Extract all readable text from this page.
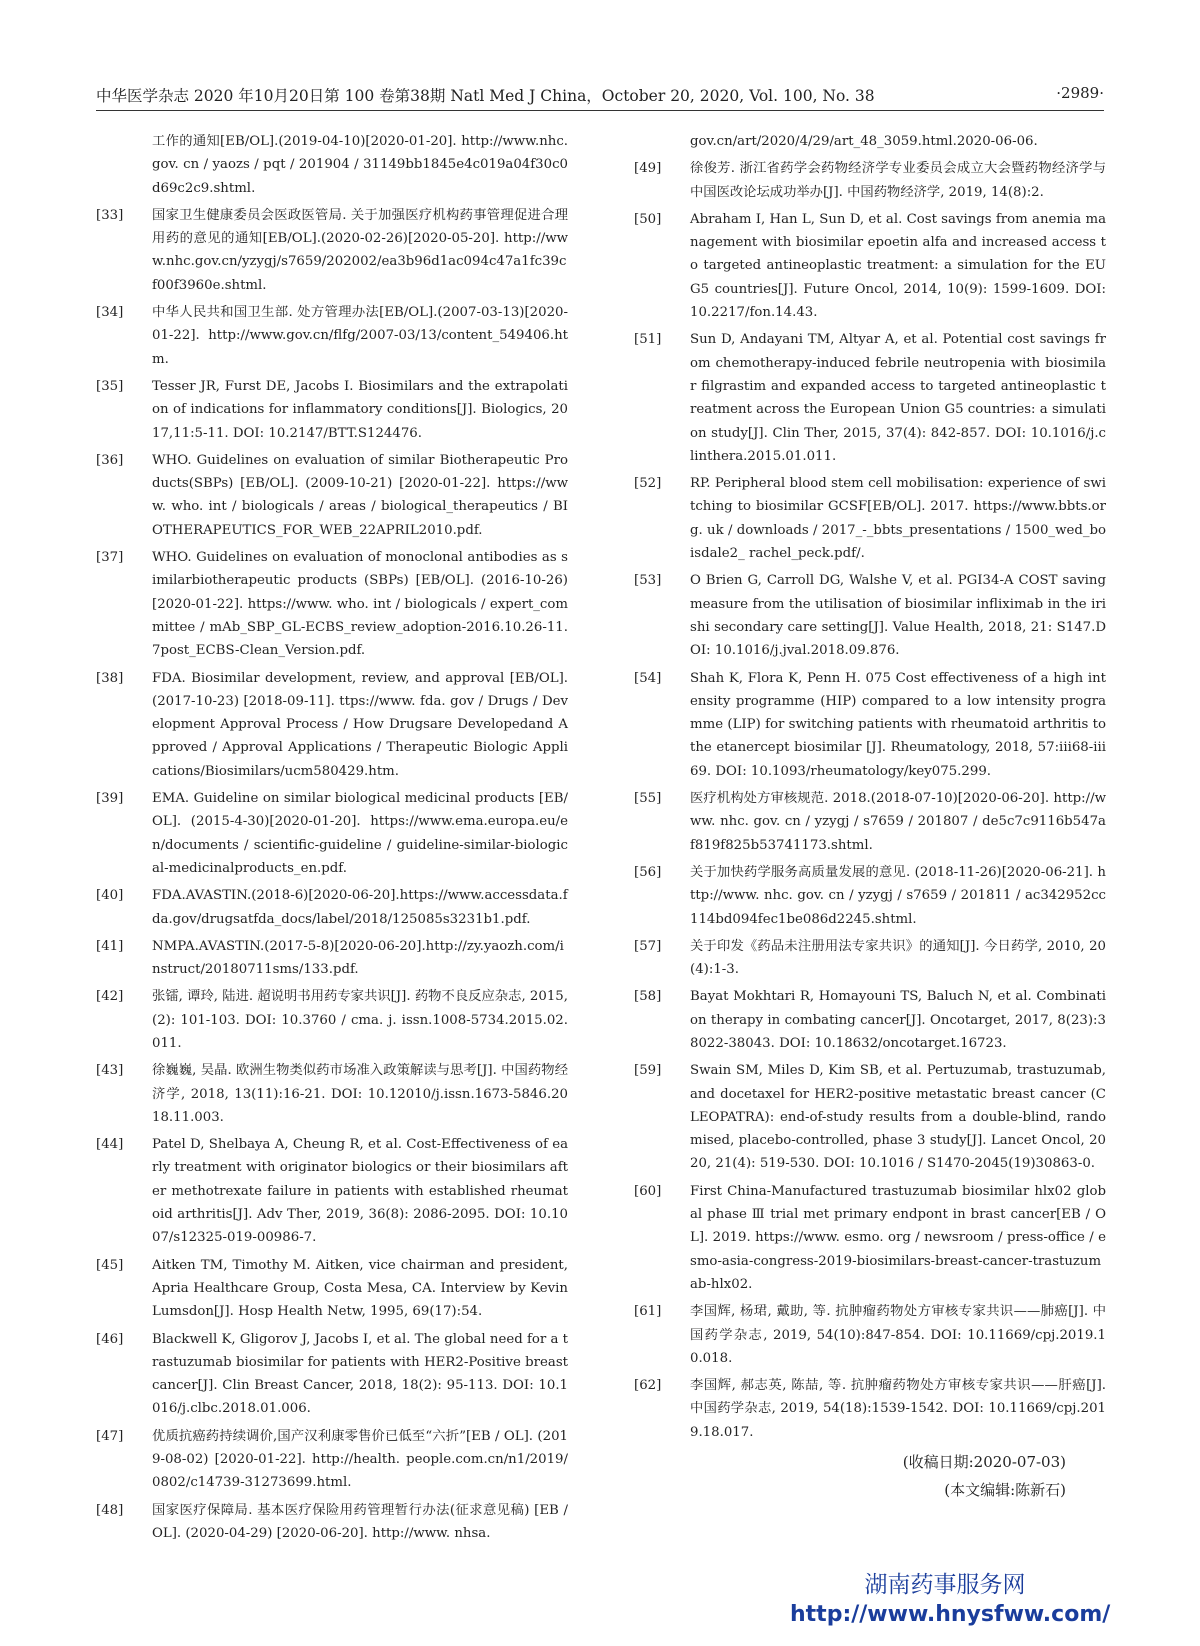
中华医学杂志 2020 年10月20日第 100 卷第38期 Natl Med J China，October 20, 2020, Vol. 100, No. 38	·2989·
工作的通知[EB/OL].(2019-04-10)[2020-01-20]. http://www.nhc. gov. cn / yaozs / pqt / 201904 / 31149bb1845e4c019a04f30c0d69c2c9.shtml.
[33] 国家卫生健康委员会医政医管局. 关于加强医疗机构药事管理促进合理用药的意见的通知[EB/OL].(2020-02-26)[2020-05-20]. http://www.nhc.gov.cn/yzygj/s7659/202002/ea3b96d1ac094c47a1fc39cf00f3960e.shtml.
[34] 中华人民共和国卫生部. 处方管理办法[EB/OL].(2007-03-13)[2020-01-22]. http://www.gov.cn/flfg/2007-03/13/content_549406.htm.
[35] Tesser JR, Furst DE, Jacobs I. Biosimilars and the extrapolation of indications for inflammatory conditions[J]. Biologics, 2017,11:5-11. DOI: 10.2147/BTT.S124476.
[36] WHO. Guidelines on evaluation of similar Biotherapeutic Products(SBPs) [EB/OL]. (2009-10-21) [2020-01-22]. https://www. who. int / biologicals / areas / biological_therapeutics / BIOTHERAPEUTICS_FOR_WEB_22APRIL2010.pdf.
[37] WHO. Guidelines on evaluation of monoclonal antibodies as similarbiotherapeutic products (SBPs) [EB/OL]. (2016-10-26)[2020-01-22]. https://www. who. int / biologicals / expert_committee / mAb_SBP_GL-ECBS_review_adoption-2016.10.26-11.7post_ECBS-Clean_Version.pdf.
[38] FDA. Biosimilar development, review, and approval [EB/OL].(2017-10-23) [2018-09-11]. ttps://www. fda. gov / Drugs / Development Approval Process / How Drugsare Developedand Approved / Approval Applications / Therapeutic Biologic Applications/Biosimilars/ucm580429.htm.
[39] EMA. Guideline on similar biological medicinal products [EB/OL]. (2015-4-30)[2020-01-20]. https://www.ema.europa.eu/en/documents / scientific-guideline / guideline-similar-biological-medicinalproducts_en.pdf.
[40] FDA.AVASTIN.(2018-6)[2020-06-20].https://www.accessdata.fda.gov/drugsatfda_docs/label/2018/125085s3231b1.pdf.
[41] NMPA.AVASTIN.(2017-5-8)[2020-06-20].http://zy.yaozh.com/instruct/20180711sms/133.pdf.
[42] 张镭, 谭玲, 陆进. 超说明书用药专家共识[J]. 药物不良反应杂志, 2015, (2): 101-103. DOI: 10.3760 / cma. j. issn.1008-5734.2015.02.011.
[43] 徐巍巍, 吴晶. 欧洲生物类似药市场准入政策解读与思考[J]. 中国药物经济学, 2018, 13(11):16-21. DOI: 10.12010/j.issn.1673-5846.2018.11.003.
[44] Patel D, Shelbaya A, Cheung R, et al. Cost-Effectiveness of early treatment with originator biologics or their biosimilars after methotrexate failure in patients with established rheumatoid arthritis[J]. Adv Ther, 2019, 36(8): 2086-2095. DOI: 10.1007/s12325-019-00986-7.
[45] Aitken TM, Timothy M. Aitken, vice chairman and president, Apria Healthcare Group, Costa Mesa, CA. Interview by Kevin Lumsdon[J]. Hosp Health Netw, 1995, 69(17):54.
[46] Blackwell K, Gligorov J, Jacobs I, et al. The global need for a trastuzumab biosimilar for patients with HER2-Positive breast cancer[J]. Clin Breast Cancer, 2018, 18(2): 95-113. DOI: 10.1016/j.clbc.2018.01.006.
[47] 优质抗癌药持续调价,国产汉利康零售价已低至“六折”[EB / OL]. (2019-08-02) [2020-01-22]. http://health. people.com.cn/n1/2019/0802/c14739-31273699.html.
[48] 国家医疗保障局. 基本医疗保险用药管理暂行办法(征求意见稿) [EB / OL]. (2020-04-29) [2020-06-20]. http://www. nhsa.
gov.cn/art/2020/4/29/art_48_3059.html.2020-06-06.
[49] 徐俊芳. 浙江省药学会药物经济学专业委员会成立大会暨药物经济学与中国医改论坛成功举办[J]. 中国药物经济学, 2019, 14(8):2.
[50] Abraham I, Han L, Sun D, et al. Cost savings from anemia management with biosimilar epoetin alfa and increased access to targeted antineoplastic treatment: a simulation for the EU G5 countries[J]. Future Oncol, 2014, 10(9): 1599-1609. DOI: 10.2217/fon.14.43.
[51] Sun D, Andayani TM, Altyar A, et al. Potential cost savings from chemotherapy-induced febrile neutropenia with biosimilar filgrastim and expanded access to targeted antineoplastic treatment across the European Union G5 countries: a simulation study[J]. Clin Ther, 2015, 37(4): 842-857. DOI: 10.1016/j.clinthera.2015.01.011.
[52] RP. Peripheral blood stem cell mobilisation: experience of switching to biosimilar GCSF[EB/OL]. 2017. https://www.bbts.org. uk / downloads / 2017_-_bbts_presentations / 1500_wed_boisdale2_ rachel_peck.pdf/.
[53] O Brien G, Carroll DG, Walshe V, et al. PGI34-A COST saving measure from the utilisation of biosimilar infliximab in the irishi secondary care setting[J]. Value Health, 2018, 21: S147.DOI: 10.1016/j.jval.2018.09.876.
[54] Shah K, Flora K, Penn H. 075 Cost effectiveness of a high intensity programme (HIP) compared to a low intensity programme (LIP) for switching patients with rheumatoid arthritis to the etanercept biosimilar [J]. Rheumatology, 2018, 57:iii68-iii69. DOI: 10.1093/rheumatology/key075.299.
[55] 医疗机构处方审核规范. 2018.(2018-07-10)[2020-06-20]. http://www. nhc. gov. cn / yzygj / s7659 / 201807 / de5c7c9116b547af819f825b53741173.shtml.
[56] 关于加快药学服务高质量发展的意见. (2018-11-26)[2020-06-21]. http://www. nhc. gov. cn / yzygj / s7659 / 201811 / ac342952cc114bd094fec1be086d2245.shtml.
[57] 关于印发《药品未注册用法专家共识》的通知[J]. 今日药学, 2010, 20(4):1-3.
[58] Bayat Mokhtari R, Homayouni TS, Baluch N, et al. Combination therapy in combating cancer[J]. Oncotarget, 2017, 8(23):38022-38043. DOI: 10.18632/oncotarget.16723.
[59] Swain SM, Miles D, Kim SB, et al. Pertuzumab, trastuzumab, and docetaxel for HER2-positive metastatic breast cancer (CLEOPATRA): end-of-study results from a double-blind, randomised, placebo-controlled, phase 3 study[J]. Lancet Oncol, 2020, 21(4): 519-530. DOI: 10.1016 / S1470-2045(19)30863-0.
[60] First China-Manufactured trastuzumab biosimilar hlx02 global phase Ⅲ trial met primary endpont in brast cancer[EB / OL]. 2019. https://www. esmo. org / newsroom / press-office / esmo-asia-congress-2019-biosimilars-breast-cancer-trastuzumab-hlx02.
[61] 李国辉, 杨珺, 戴助, 等. 抗肿瘤药物处方审核专家共识——肺癌[J]. 中国药学杂志, 2019, 54(10):847-854. DOI: 10.11669/cpj.2019.10.018.
[62] 李国辉, 郝志英, 陈喆, 等. 抗肿瘤药物处方审核专家共识——肝癌[J]. 中国药学杂志, 2019, 54(18):1539-1542. DOI: 10.11669/cpj.2019.18.017.
(收稿日期:2020-07-03)
(本文编辑:陈新石)
湖南药事服务网
http://www.hnysfww.com/
